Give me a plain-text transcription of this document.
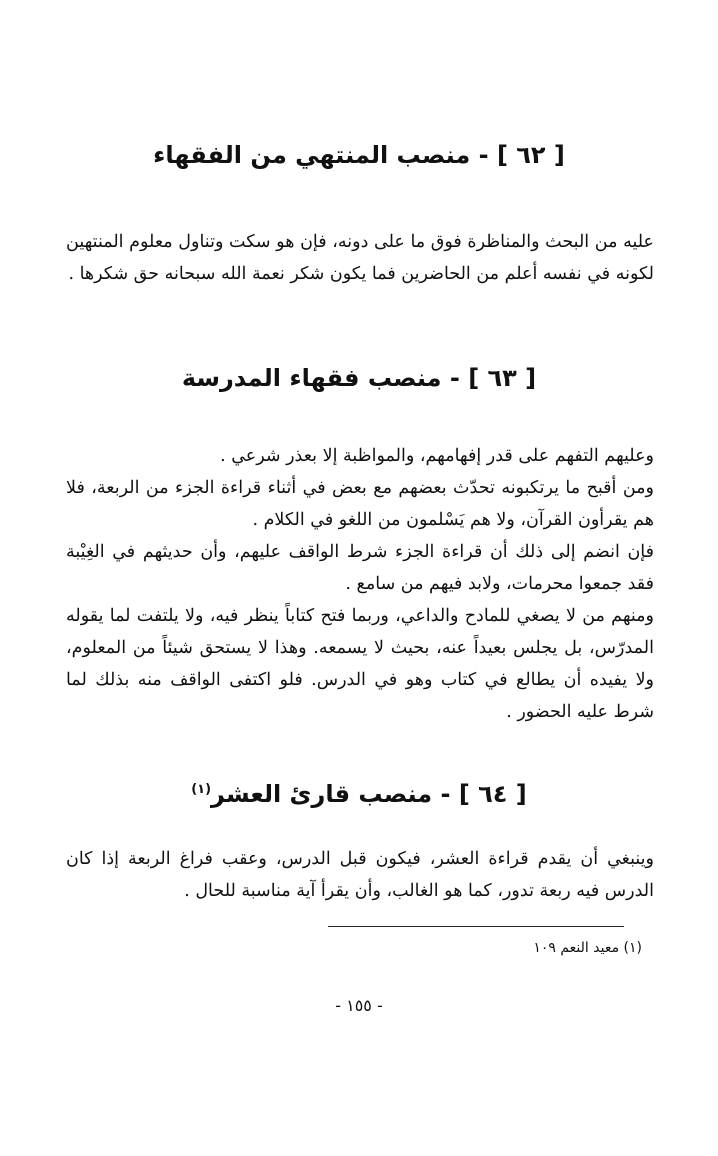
[ ٦٢ ] - منصب المنتهي من الفقهاء

عليه من البحث والمناظرة فوق ما على دونه، فإن هو سكت وتناول معلوم المنتهين لكونه في نفسه أعلم من الحاضرين فما يكون شكر نعمة الله سبحانه حق شكرها .

[ ٦٣ ] - منصب فقهاء المدرسة

وعليهم التفهم على قدر إفهامهم، والمواظبة إلا بعذر شرعي .

ومن أقبح ما يرتكبونه تحدّث بعضهم مع بعض في أثناء قراءة الجزء من الربعة، فلا هم يقرأون القرآن، ولا هم يَسْلمون من اللغو في الكلام .

فإن انضم إلى ذلك أن قراءة الجزء شرط الواقف عليهم، وأن حديثهم في الغِيْبة فقد جمعوا محرمات، ولابد فيهم من سامع .

ومنهم من لا يصغي للمادح والداعي، وربما فتح كتاباً ينظر فيه، ولا يلتفت لما يقوله المدرّس، بل يجلس بعيداً عنه، بحيث لا يسمعه. وهذا لا يستحق شيئاً من المعلوم، ولا يفيده أن يطالع في كتاب وهو في الدرس. فلو اكتفى الواقف منه بذلك لما شرط عليه الحضور .

[ ٦٤ ] - منصب قارئ العشر$^{(١)}$

وينبغي أن يقدم قراءة العشر، فيكون قبل الدرس، وعقب فراغ الربعة إذا كان الدرس فيه ربعة تدور، كما هو الغالب، وأن يقرأ آية مناسبة للحال .

(١) معيد النعم ١٠٩
- ١٥٥ -
